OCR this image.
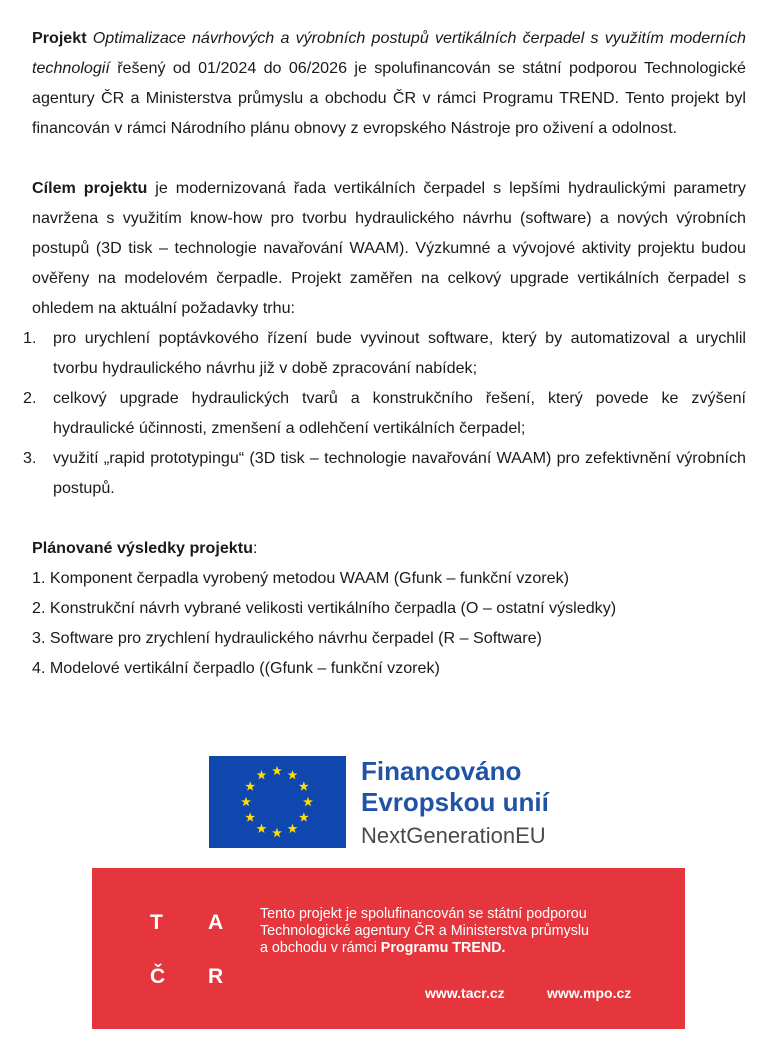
Projekt Optimalizace návrhových a výrobních postupů vertikálních čerpadel s využitím moderních technologií řešený od 01/2024 do 06/2026 je spolufinancován se státní podporou Technologické agentury ČR a Ministerstva průmyslu a obchodu ČR v rámci Programu TREND. Tento projekt byl financován v rámci Národního plánu obnovy z evropského Nástroje pro oživení a odolnost.

Cílem projektu je modernizovaná řada vertikálních čerpadel s lepšími hydraulickými parametry navržena s využitím know-how pro tvorbu hydraulického návrhu (software) a nových výrobních postupů (3D tisk – technologie navařování WAAM). Výzkumné a vývojové aktivity projektu budou ověřeny na modelovém čerpadle. Projekt zaměřen na celkový upgrade vertikálních čerpadel s ohledem na aktuální požadavky trhu:

1. pro urychlení poptávkového řízení bude vyvinout software, který by automatizoval a urychlil tvorbu hydraulického návrhu již v době zpracování nabídek;
2. celkový upgrade hydraulických tvarů a konstrukčního řešení, který povede ke zvýšení hydraulické účinnosti, zmenšení a odlehčení vertikálních čerpadel;
3. využití „rapid prototypingu“ (3D tisk – technologie navařování WAAM) pro zefektivnění výrobních postupů.

Plánované výsledky projektu:

1. Komponent čerpadla vyrobený metodou WAAM (Gfunk – funkční vzorek)
2. Konstrukční návrh vybrané velikosti vertikálního čerpadla (O – ostatní výsledky)
3. Software pro zrychlení hydraulického návrhu čerpadel (R – Software)
4. Modelové vertikální čerpadlo ((Gfunk – funkční vzorek)
Financováno
Evropskou unií
NextGenerationEU
T A
Č R
Tento projekt je spolufinancován se státní podporou
Technologické agentury ČR a Ministerstva průmyslu
a obchodu v rámci Programu TREND.
www.tacr.cz	www.mpo.cz
